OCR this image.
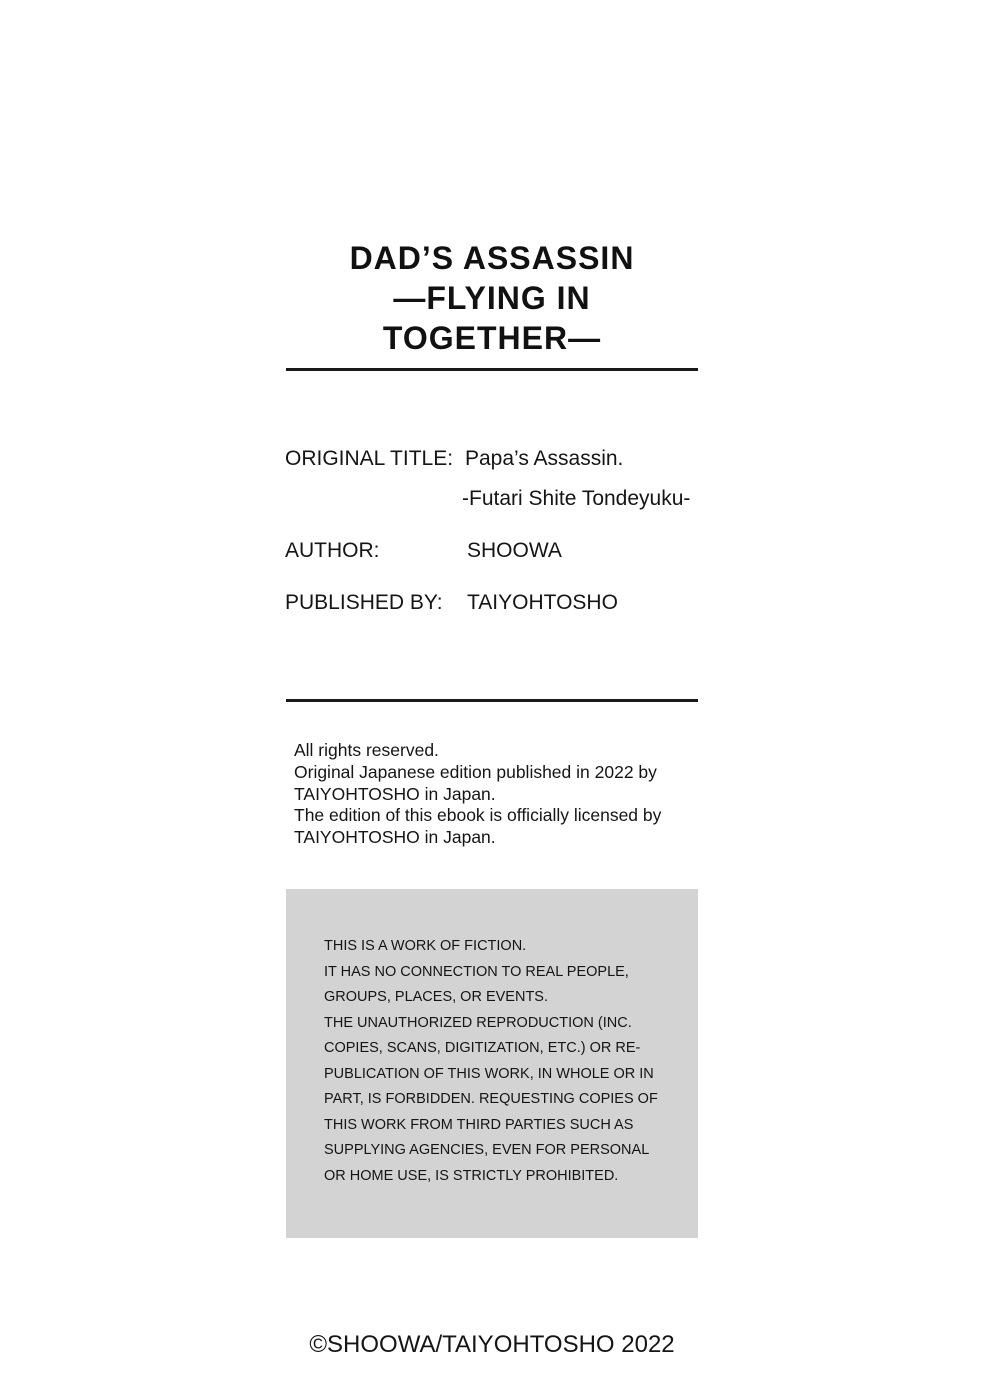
DAD’S ASSASSIN
—FLYING IN
TOGETHER—
ORIGINAL TITLE: Papa’s Assassin.
-Futari Shite Tondeyuku-
AUTHOR:	SHOOWA
PUBLISHED BY: TAIYOHTOSHO
All rights reserved.
Original Japanese edition published in 2022 by
TAIYOHTOSHO in Japan.
The edition of this ebook is officially licensed by
TAIYOHTOSHO in Japan.
THIS IS A WORK OF FICTION.
IT HAS NO CONNECTION TO REAL PEOPLE,
GROUPS, PLACES, OR EVENTS.
THE UNAUTHORIZED REPRODUCTION (INC.
COPIES, SCANS, DIGITIZATION, ETC.) OR RE-
PUBLICATION OF THIS WORK, IN WHOLE OR IN
PART, IS FORBIDDEN. REQUESTING COPIES OF
THIS WORK FROM THIRD PARTIES SUCH AS
SUPPLYING AGENCIES, EVEN FOR PERSONAL
OR HOME USE, IS STRICTLY PROHIBITED.
©SHOOWA/TAIYOHTOSHO 2022
